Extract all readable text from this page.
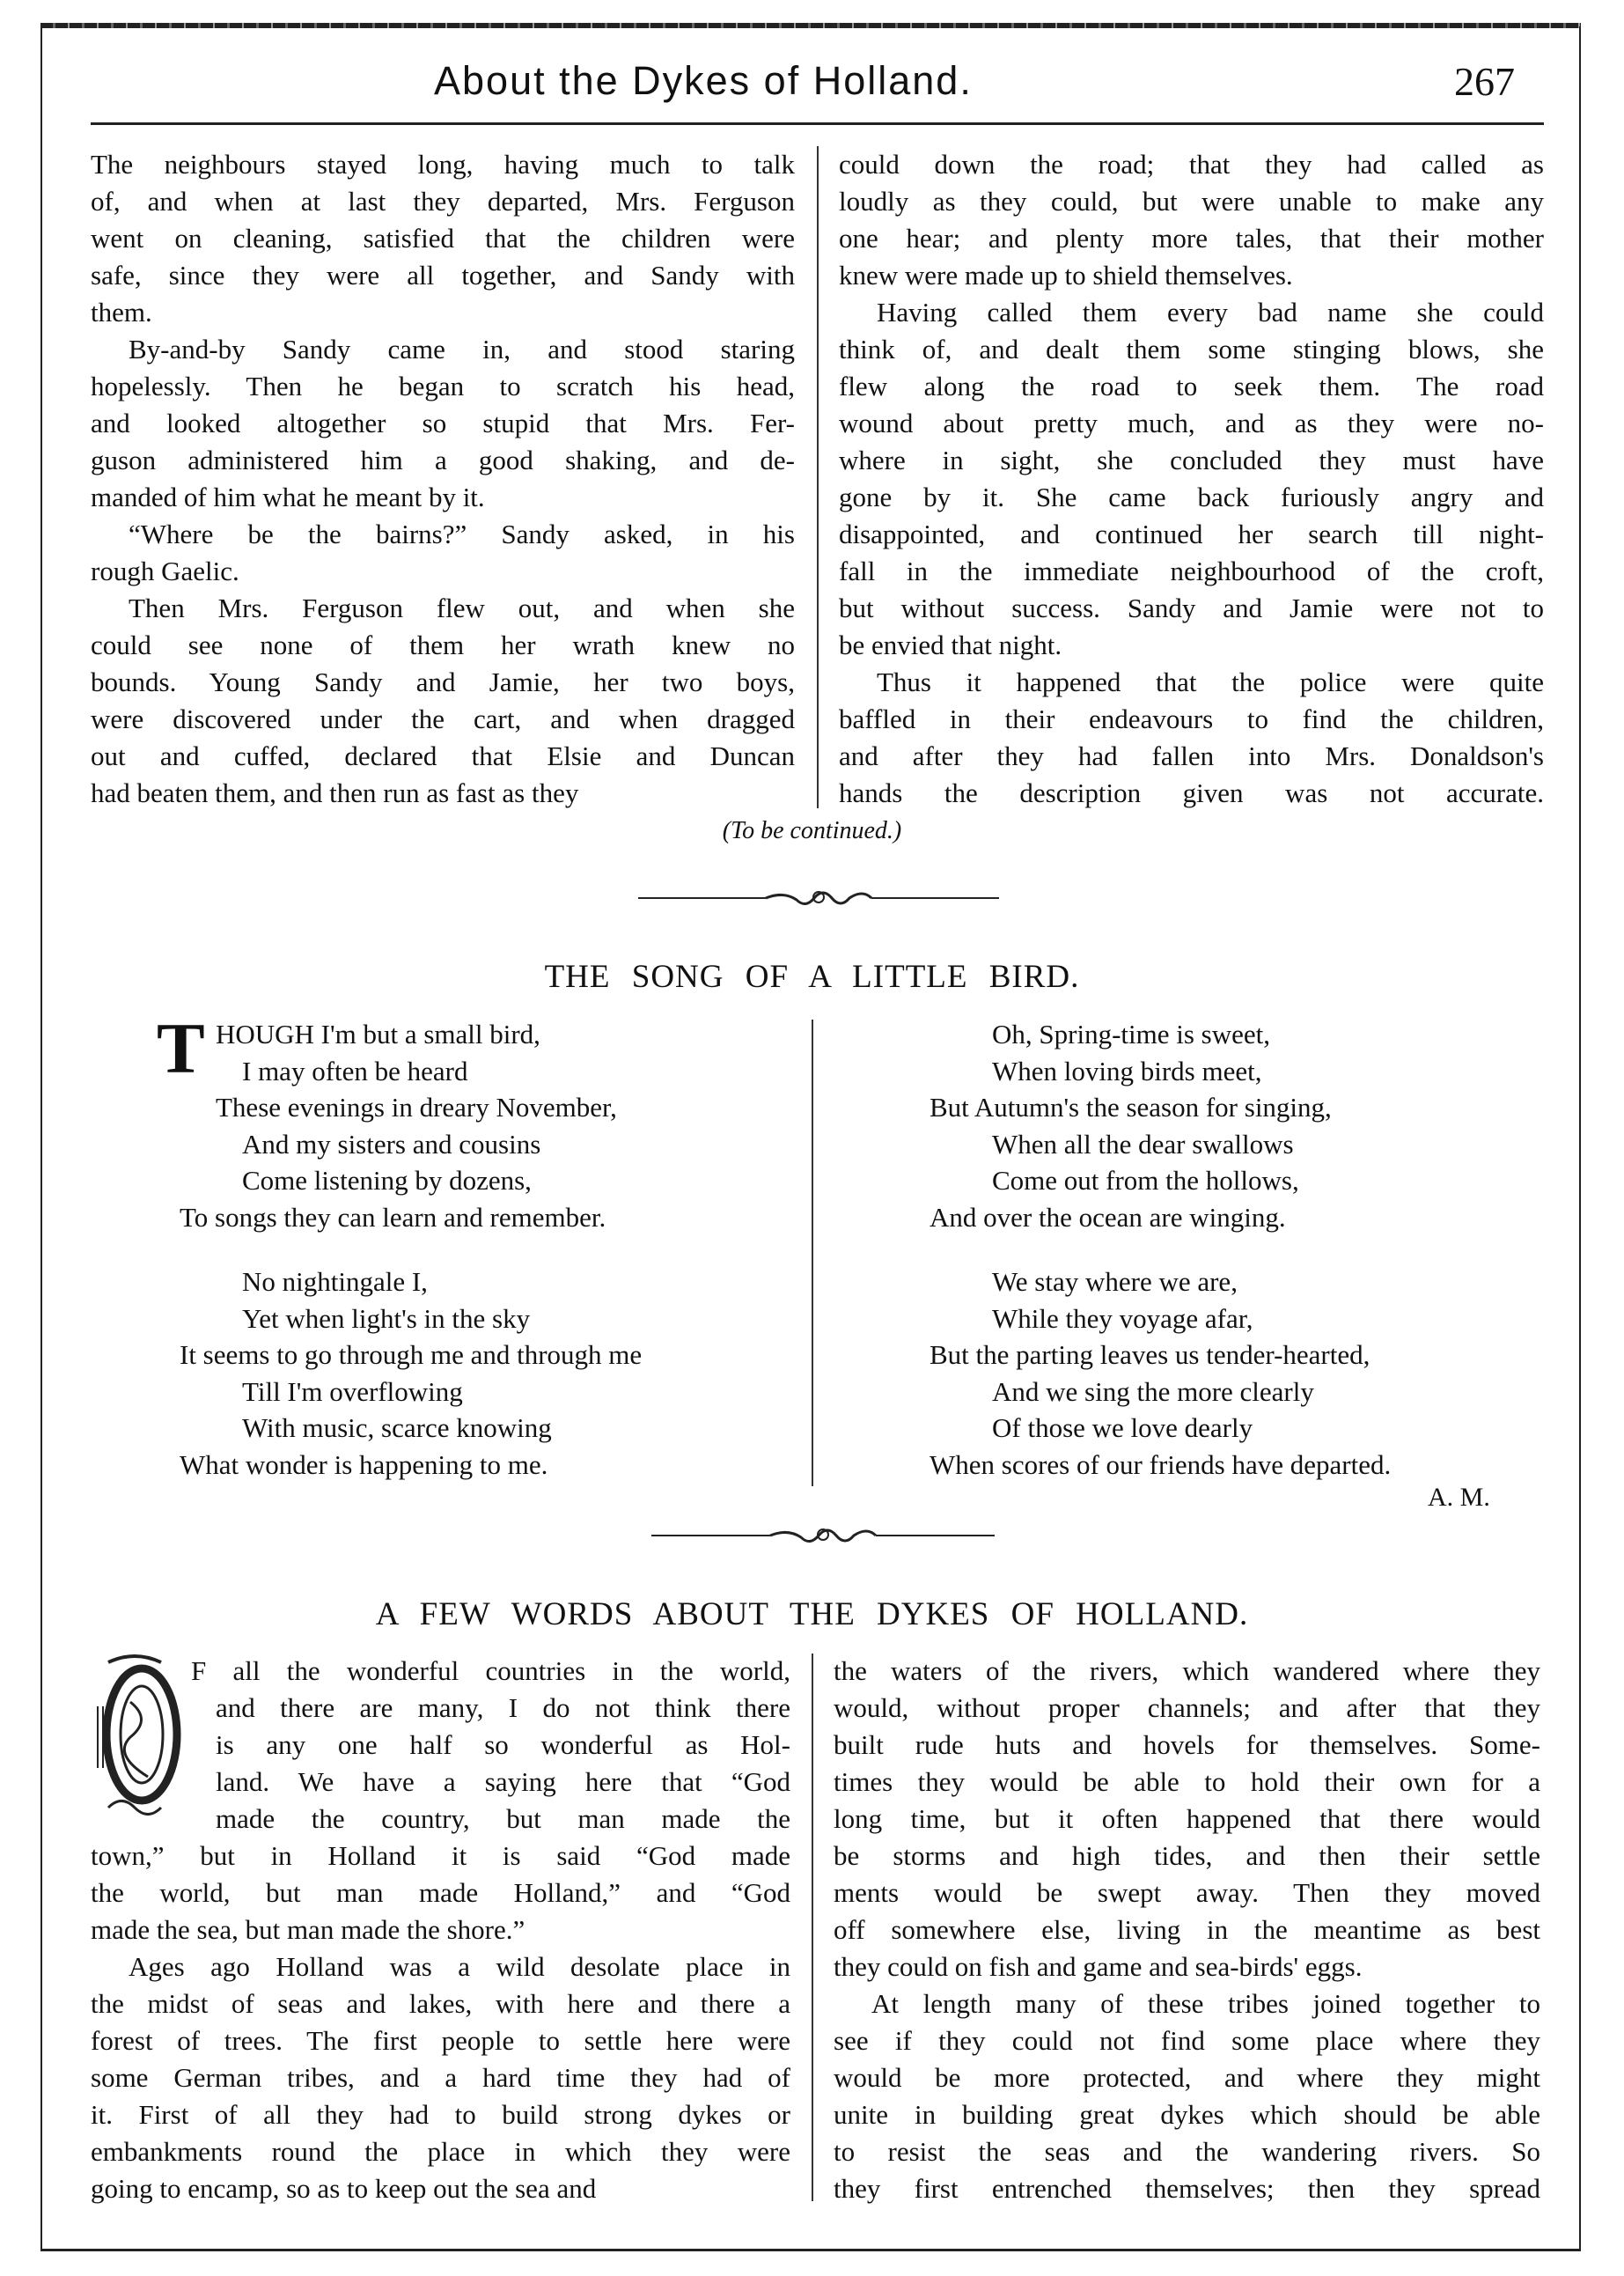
About the Dykes of Holland.	267
The neighbours stayed long, having much to talk
of, and when at last they departed, Mrs. Ferguson
went on cleaning, satisfied that the children were
safe, since they were all together, and Sandy with
them.
By-and-by Sandy came in, and stood staring
hopelessly. Then he began to scratch his head,
and looked altogether so stupid that Mrs. Fer-
guson administered him a good shaking, and de-
manded of him what he meant by it.
“Where be the bairns?” Sandy asked, in his
rough Gaelic.
Then Mrs. Ferguson flew out, and when she
could see none of them her wrath knew no
bounds. Young Sandy and Jamie, her two boys,
were discovered under the cart, and when dragged
out and cuffed, declared that Elsie and Duncan
had beaten them, and then run as fast as they
could down the road; that they had called as
loudly as they could, but were unable to make any
one hear; and plenty more tales, that their mother
knew were made up to shield themselves.
Having called them every bad name she could
think of, and dealt them some stinging blows, she
flew along the road to seek them. The road
wound about pretty much, and as they were no-
where in sight, she concluded they must have
gone by it. She came back furiously angry and
disappointed, and continued her search till night-
fall in the immediate neighbourhood of the croft,
but without success. Sandy and Jamie were not to
be envied that night.
Thus it happened that the police were quite
baffled in their endeavours to find the children,
and after they had fallen into Mrs. Donaldson's
hands the description given was not accurate.
(To be continued.)
THE SONG OF A LITTLE BIRD.
T HOUGH I'm but a small bird,
I may often be heard
These evenings in dreary November,
And my sisters and cousins
Come listening by dozens,
To songs they can learn and remember.
No nightingale I,
Yet when light's in the sky
It seems to go through me and through me
Till I'm overflowing
With music, scarce knowing
What wonder is happening to me.
Oh, Spring-time is sweet,
When loving birds meet,
But Autumn's the season for singing,
When all the dear swallows
Come out from the hollows,
And over the ocean are winging.
We stay where we are,
While they voyage afar,
But the parting leaves us tender-hearted,
And we sing the more clearly
Of those we love dearly
When scores of our friends have departed.
A. M.
A FEW WORDS ABOUT THE DYKES OF HOLLAND.
F all the wonderful countries in the world,
and there are many, I do not think there
is any one half so wonderful as Hol-
land. We have a saying here that “God
made the country, but man made the
town,” but in Holland it is said “God made
the world, but man made Holland,” and “God
made the sea, but man made the shore.”
Ages ago Holland was a wild desolate place in
the midst of seas and lakes, with here and there a
forest of trees. The first people to settle here were
some German tribes, and a hard time they had of
it. First of all they had to build strong dykes or
embankments round the place in which they were
going to encamp, so as to keep out the sea and
the waters of the rivers, which wandered where they
would, without proper channels; and after that they
built rude huts and hovels for themselves. Some-
times they would be able to hold their own for a
long time, but it often happened that there would
be storms and high tides, and then their settle
ments would be swept away. Then they moved
off somewhere else, living in the meantime as best
they could on fish and game and sea-birds' eggs.
At length many of these tribes joined together to
see if they could not find some place where they
would be more protected, and where they might
unite in building great dykes which should be able
to resist the seas and the wandering rivers. So
they first entrenched themselves; then they spread
